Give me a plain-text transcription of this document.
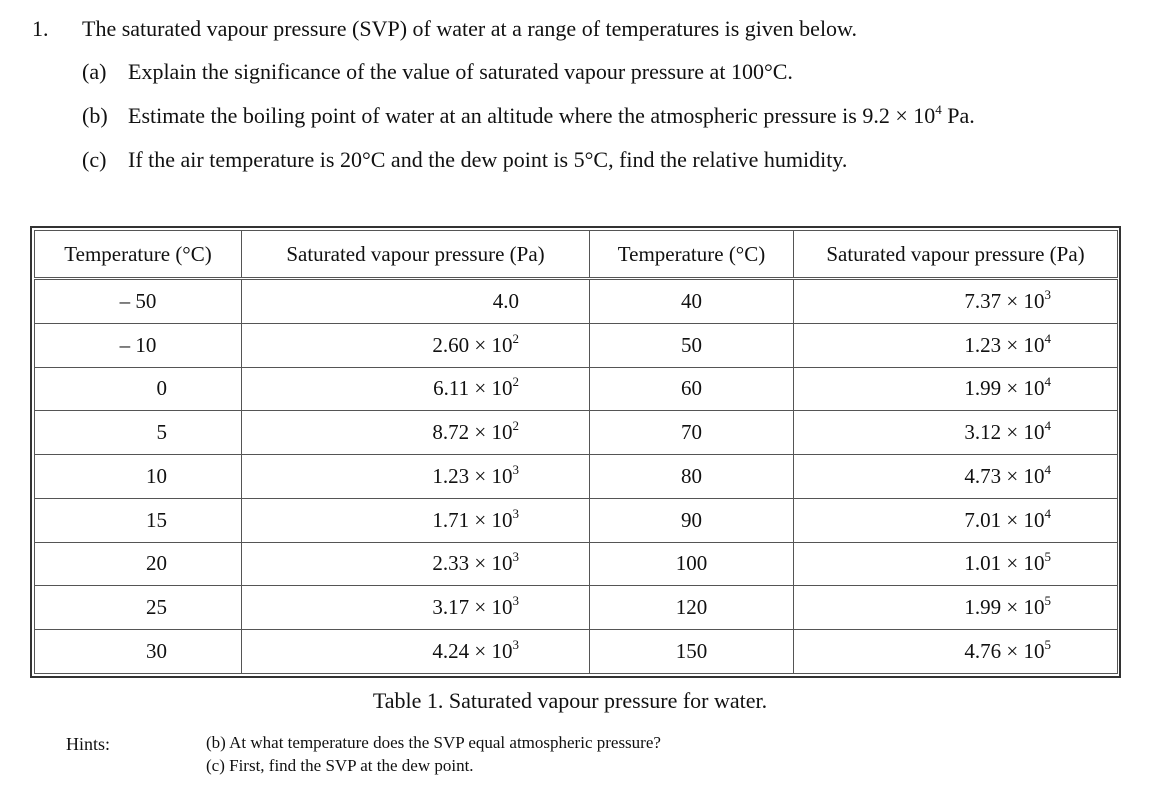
1. The saturated vapour pressure (SVP) of water at a range of temperatures is given below.
(a) Explain the significance of the value of saturated vapour pressure at 100°C.
(b) Estimate the boiling point of water at an altitude where the atmospheric pressure is $9.2 \times 10^4$ Pa.
(c) If the air temperature is 20°C and the dew point is 5°C, find the relative humidity.
Temperature (°C)	Saturated vapour pressure (Pa)	Temperature (°C)	Saturated vapour pressure (Pa)
– 50	4.0	40	$7.37 \times 10^3$
– 10	$2.60 \times 10^2$	50	$1.23 \times 10^4$
0	$6.11 \times 10^2$	60	$1.99 \times 10^4$
5	$8.72 \times 10^2$	70	$3.12 \times 10^4$
10	$1.23 \times 10^3$	80	$4.73 \times 10^4$
15	$1.71 \times 10^3$	90	$7.01 \times 10^4$
20	$2.33 \times 10^3$	100	$1.01 \times 10^5$
25	$3.17 \times 10^3$	120	$1.99 \times 10^5$
30	$4.24 \times 10^3$	150	$4.76 \times 10^5$
Table 1. Saturated vapour pressure for water.
Hints:	(b) At what temperature does the SVP equal atmospheric pressure?
(c) First, find the SVP at the dew point.
